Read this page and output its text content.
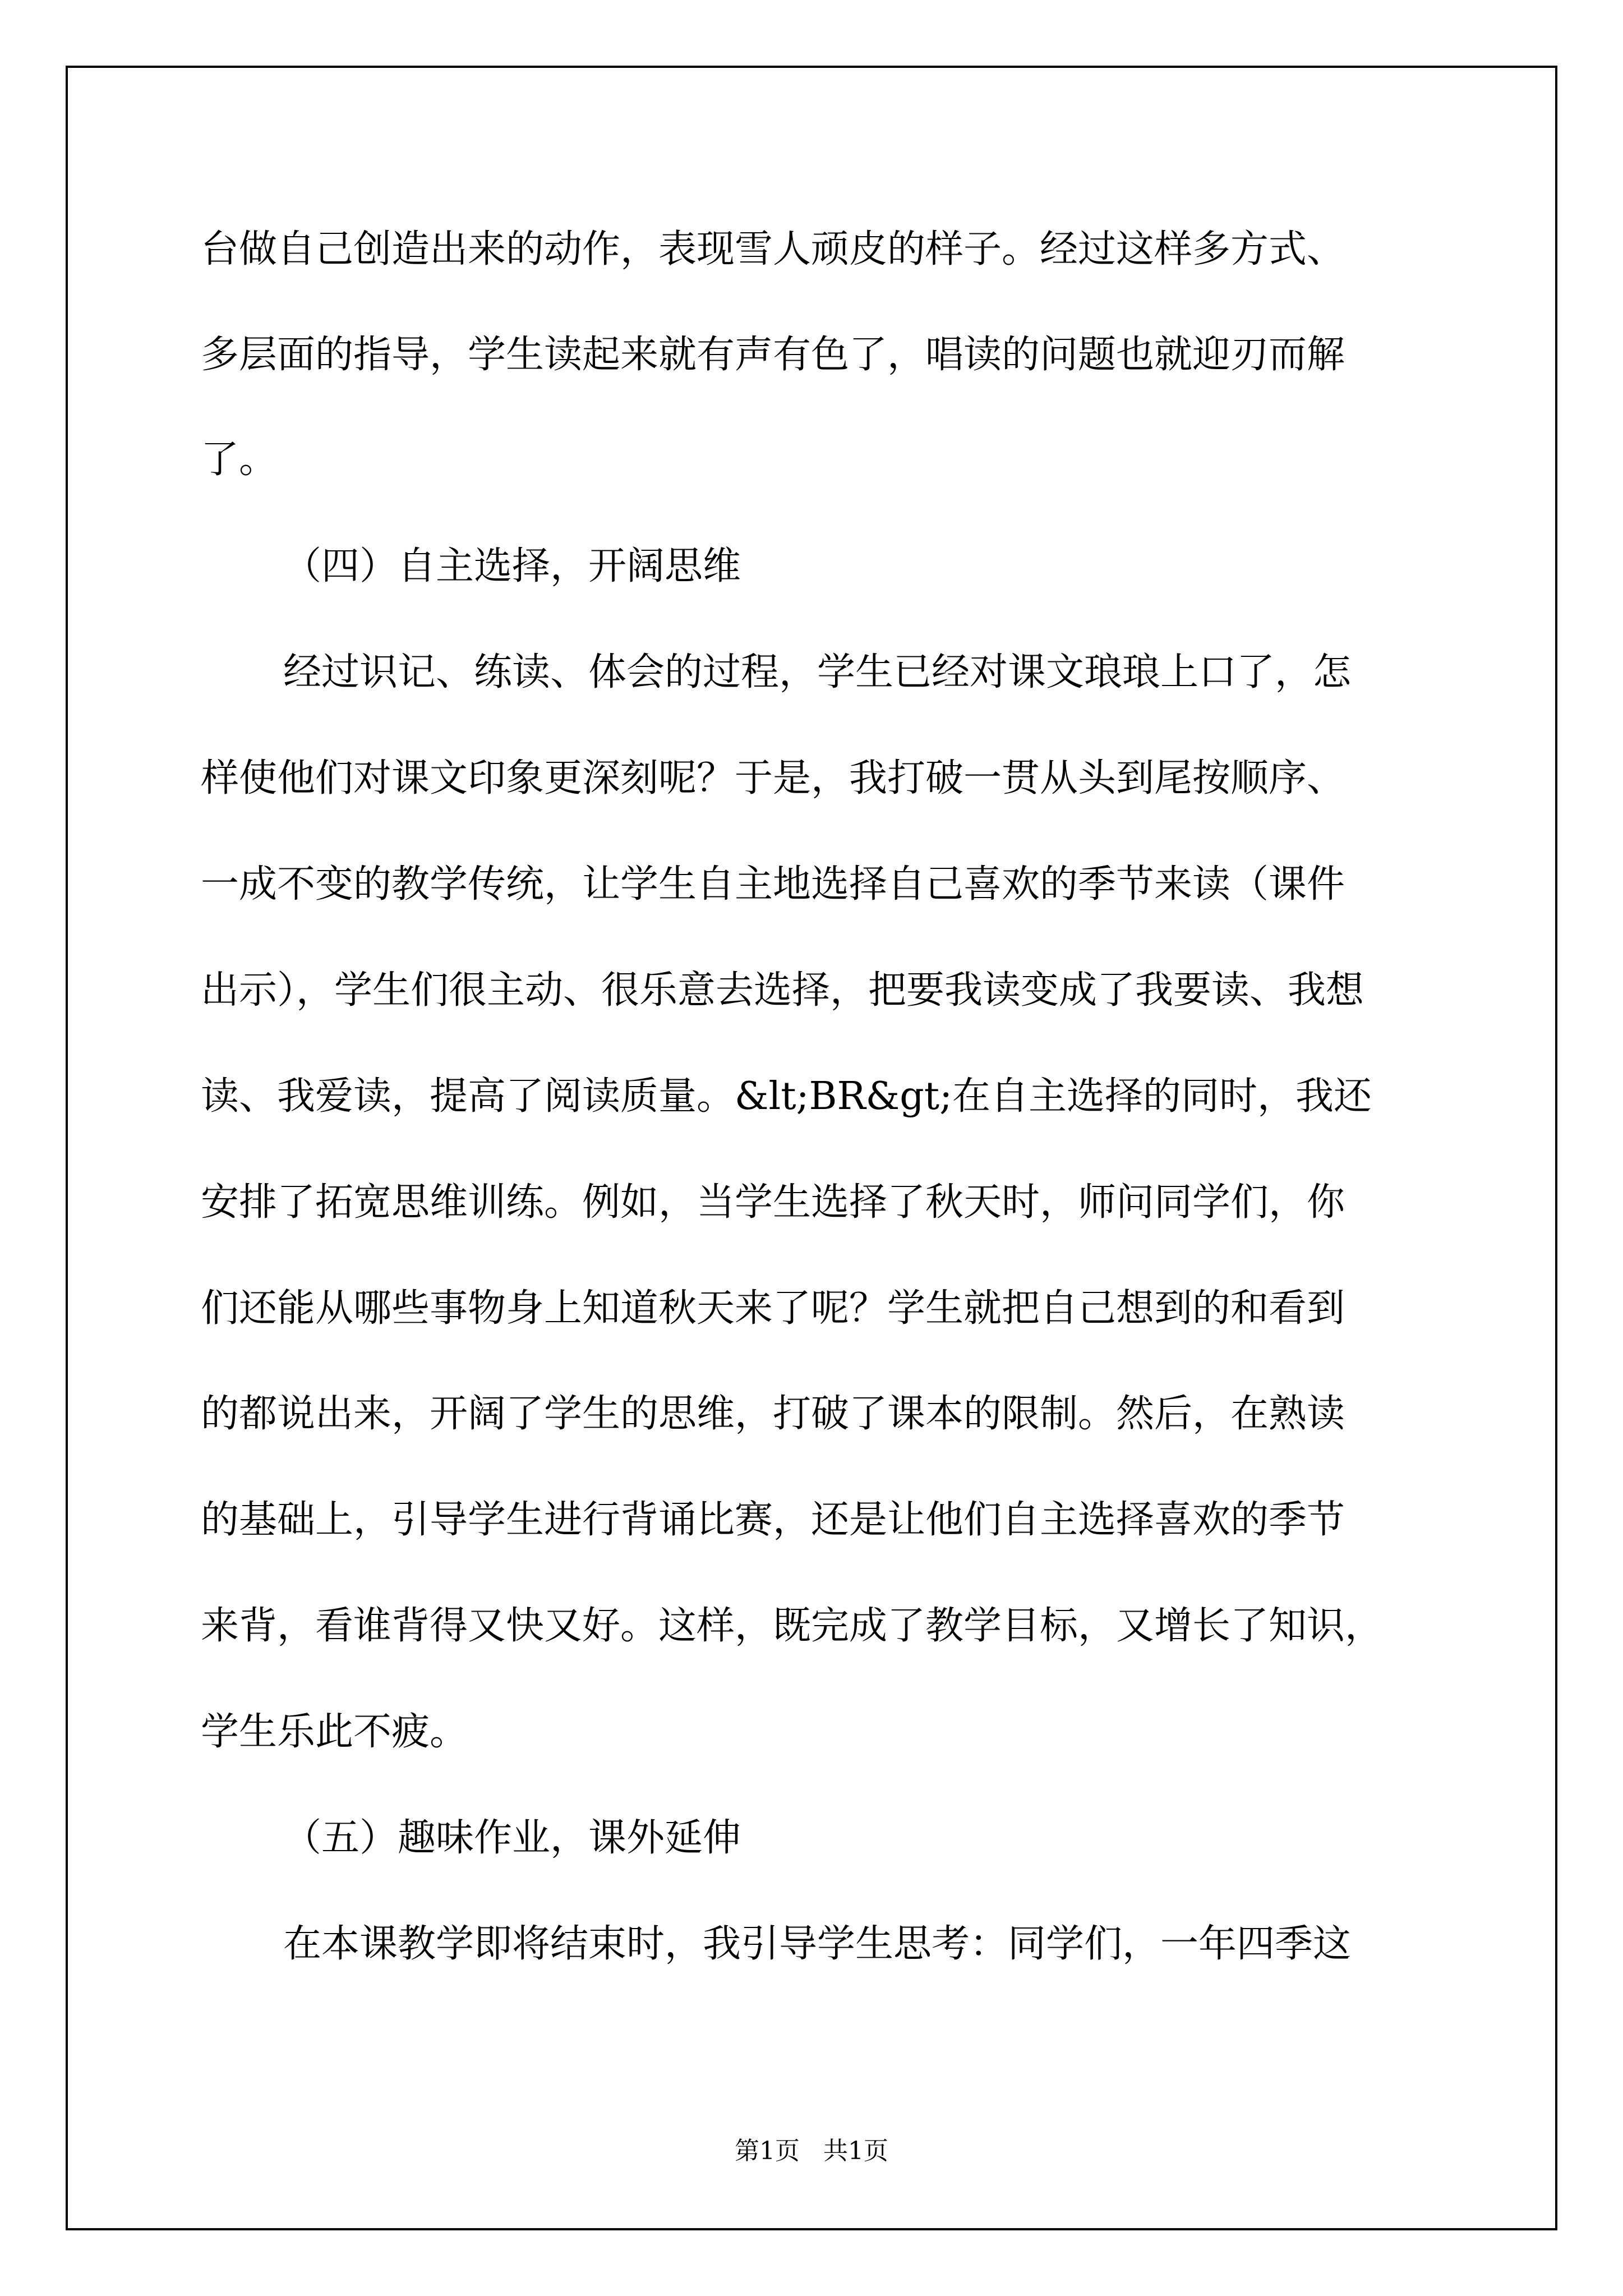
台做自己创造出来的动作，表现雪人顽皮的样子。经过这样多方式、
多层面的指导，学生读起来就有声有色了，唱读的问题也就迎刃而解
了。
（四）自主选择，开阔思维
经过识记、练读、体会的过程，学生已经对课文琅琅上口了，怎
样使他们对课文印象更深刻呢？于是，我打破一贯从头到尾按顺序、
一成不变的教学传统，让学生自主地选择自己喜欢的季节来读（课件
出示），学生们很主动、很乐意去选择，把要我读变成了我要读、我想
读、我爱读，提高了阅读质量。&lt;BR&gt;在自主选择的同时，我还
安排了拓宽思维训练。例如，当学生选择了秋天时，师问同学们，你
们还能从哪些事物身上知道秋天来了呢？学生就把自己想到的和看到
的都说出来，开阔了学生的思维，打破了课本的限制。然后，在熟读
的基础上，引导学生进行背诵比赛，还是让他们自主选择喜欢的季节
来背，看谁背得又快又好。这样，既完成了教学目标，又增长了知识，
学生乐此不疲。
（五）趣味作业，课外延伸
在本课教学即将结束时，我引导学生思考：同学们，一年四季这
第1页   共1页
